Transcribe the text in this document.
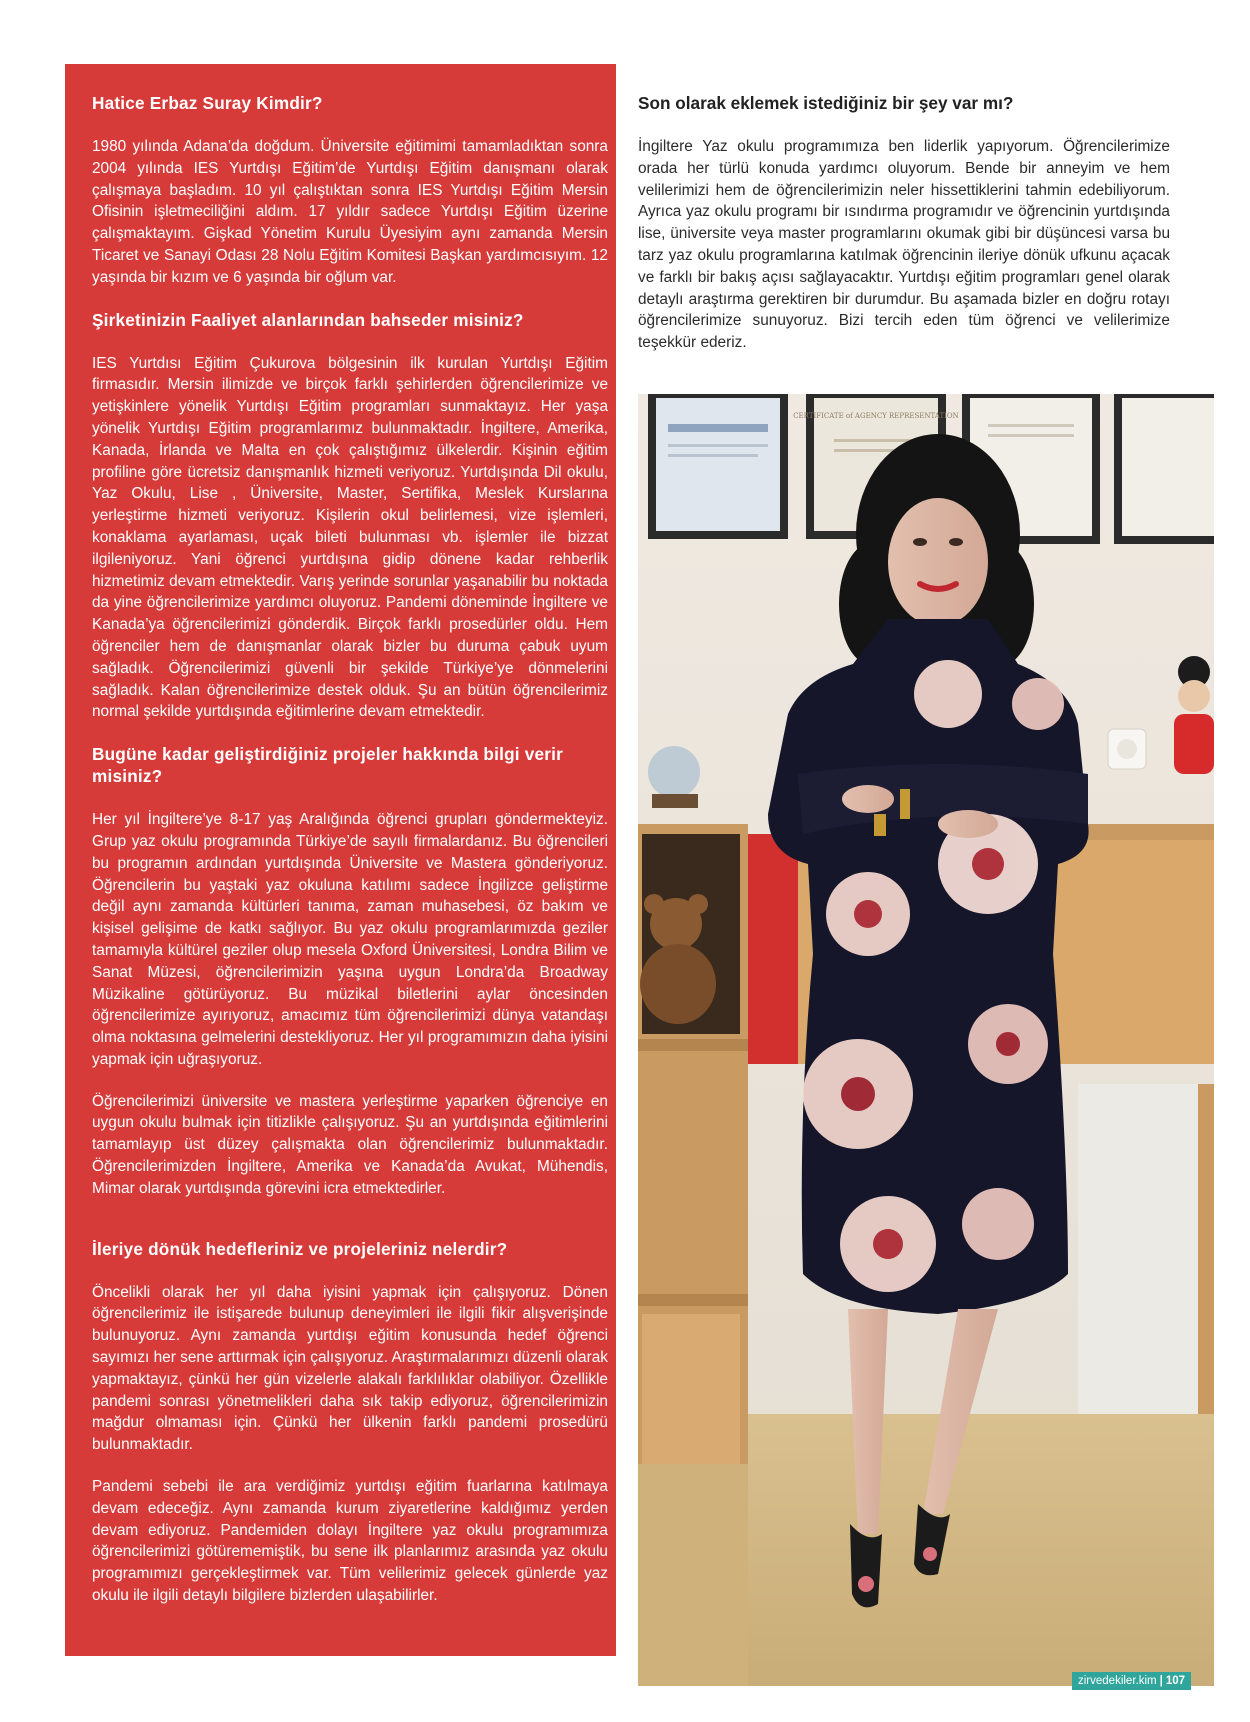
Hatice Erbaz Suray Kimdir?

1980 yılında Adana’da doğdum. Üniversite eğitimimi tamamladıktan sonra 2004 yılında IES Yurtdışı Eğitim’de Yurtdışı Eğitim danışmanı olarak çalışmaya başladım. 10 yıl çalıştıktan sonra IES Yurtdışı Eğitim Mersin Ofisinin işletmeciliğini aldım. 17 yıldır sadece Yurtdışı Eğitim üzerine çalışmaktayım. Gişkad Yönetim Kurulu Üyesiyim aynı zamanda Mersin Ticaret ve Sanayi Odası 28 Nolu Eğitim Komitesi Başkan yardımcısıyım. 12 yaşında bir kızım ve 6 yaşında bir oğlum var.

Şirketinizin Faaliyet alanlarından bahseder misiniz?

IES Yurtdısı Eğitim Çukurova bölgesinin ilk kurulan Yurtdışı Eğitim firmasıdır. Mersin ilimizde ve birçok farklı şehirlerden öğrencilerimize ve yetişkinlere yönelik Yurtdışı Eğitim programları sunmaktayız. Her yaşa yönelik Yurtdışı Eğitim programlarımız bulunmaktadır. İngiltere, Amerika, Kanada, İrlanda ve Malta en çok çalıştığımız ülkelerdir. Kişinin eğitim profiline göre ücretsiz danışmanlık hizmeti veriyoruz. Yurtdışında Dil okulu, Yaz Okulu, Lise , Üniversite, Master, Sertifika, Meslek Kurslarına yerleştirme hizmeti veriyoruz. Kişilerin okul belirlemesi, vize işlemleri, konaklama ayarlaması, uçak bileti bulunması vb. işlemler ile bizzat ilgileniyoruz. Yani öğrenci yurtdışına gidip dönene kadar rehberlik hizmetimiz devam etmektedir. Varış yerinde sorunlar yaşanabilir bu noktada da yine öğrencilerimize yardımcı oluyoruz. Pandemi döneminde İngiltere ve Kanada’ya öğrencilerimizi gönderdik. Birçok farklı prosedürler oldu. Hem öğrenciler hem de danışmanlar olarak bizler bu duruma çabuk uyum sağladık. Öğrencilerimizi güvenli bir şekilde Türkiye’ye dönmelerini sağladık. Kalan öğrencilerimize destek olduk. Şu an bütün öğrencilerimiz normal şekilde yurtdışında eğitimlerine devam etmektedir.

Bugüne kadar geliştirdiğiniz projeler hakkında bilgi verir misiniz?

Her yıl İngiltere’ye 8-17 yaş Aralığında öğrenci grupları göndermekteyiz. Grup yaz okulu programında Türkiye’de sayılı firmalardanız. Bu öğrencileri bu programın ardından yurtdışında Üniversite ve Mastera gönderiyoruz. Öğrencilerin bu yaştaki yaz okuluna katılımı sadece İngilizce geliştirme değil aynı zamanda kültürleri tanıma, zaman muhasebesi, öz bakım ve kişisel gelişime de katkı sağlıyor. Bu yaz okulu programlarımızda geziler tamamıyla kültürel geziler olup mesela Oxford Üniversitesi, Londra Bilim ve Sanat Müzesi, öğrencilerimizin yaşına uygun Londra’da Broadway Müzikaline götürüyoruz. Bu müzikal biletlerini aylar öncesinden öğrencilerimize ayırıyoruz, amacımız tüm öğrencilerimizi dünya vatandaşı olma noktasına gelmelerini destekliyoruz. Her yıl programımızın daha iyisini yapmak için uğraşıyoruz.

Öğrencilerimizi üniversite ve mastera yerleştirme yaparken öğrenciye en uygun okulu bulmak için titizlikle çalışıyoruz. Şu an yurtdışında eğitimlerini tamamlayıp üst düzey çalışmakta olan öğrencilerimiz bulunmaktadır. Öğrencilerimizden İngiltere, Amerika ve Kanada’da Avukat, Mühendis, Mimar olarak yurtdışında görevini icra etmektedirler.

İleriye dönük hedefleriniz ve projeleriniz nelerdir?

Öncelikli olarak her yıl daha iyisini yapmak için çalışıyoruz. Dönen öğrencilerimiz ile istişarede bulunup deneyimleri ile ilgili fikir alışverişinde bulunuyoruz. Aynı zamanda yurtdışı eğitim konusunda hedef öğrenci sayımızı her sene arttırmak için çalışıyoruz. Araştırmalarımızı düzenli olarak yapmaktayız, çünkü her gün vizelerle alakalı farklılıklar olabiliyor. Özellikle pandemi sonrası yönetmelikleri daha sık takip ediyoruz, öğrencilerimizin mağdur olmaması için. Çünkü her ülkenin farklı pandemi prosedürü bulunmaktadır.

Pandemi sebebi ile ara verdiğimiz yurtdışı eğitim fuarlarına katılmaya devam edeceğiz. Aynı zamanda kurum ziyaretlerine kaldığımız yerden devam ediyoruz. Pandemiden dolayı İngiltere yaz okulu programımıza öğrencilerimizi götürememiştik, bu sene ilk planlarımız arasında yaz okulu programımızı gerçekleştirmek var. Tüm velilerimiz gelecek günlerde yaz okulu ile ilgili detaylı bilgilere bizlerden ulaşabilirler.

Son olarak eklemek istediğiniz bir şey var mı?

İngiltere Yaz okulu programımıza ben liderlik yapıyorum. Öğrencilerimize orada her türlü konuda yardımcı oluyorum. Bende bir anneyim ve hem velilerimizi hem de öğrencilerimizin neler hissettiklerini tahmin edebiliyorum. Ayrıca yaz okulu programı bir ısındırma programıdır ve öğrencinin yurtdışında lise, üniversite veya master programlarını okumak gibi bir düşüncesi varsa bu tarz yaz okulu programlarına katılmak öğrencinin ileriye dönük ufkunu açacak ve farklı bir bakış açısı sağlayacaktır. Yurtdışı eğitim programları genel olarak detaylı araştırma gerektiren bir durumdur. Bu aşamada bizler en doğru rotayı öğrencilerimize sunuyoruz. Bizi tercih eden tüm öğrenci ve velilerimize teşekkür ederiz.

CERTIFICATE of AGENCY REPRESENTATION
zirvedekiler.kim | 107
